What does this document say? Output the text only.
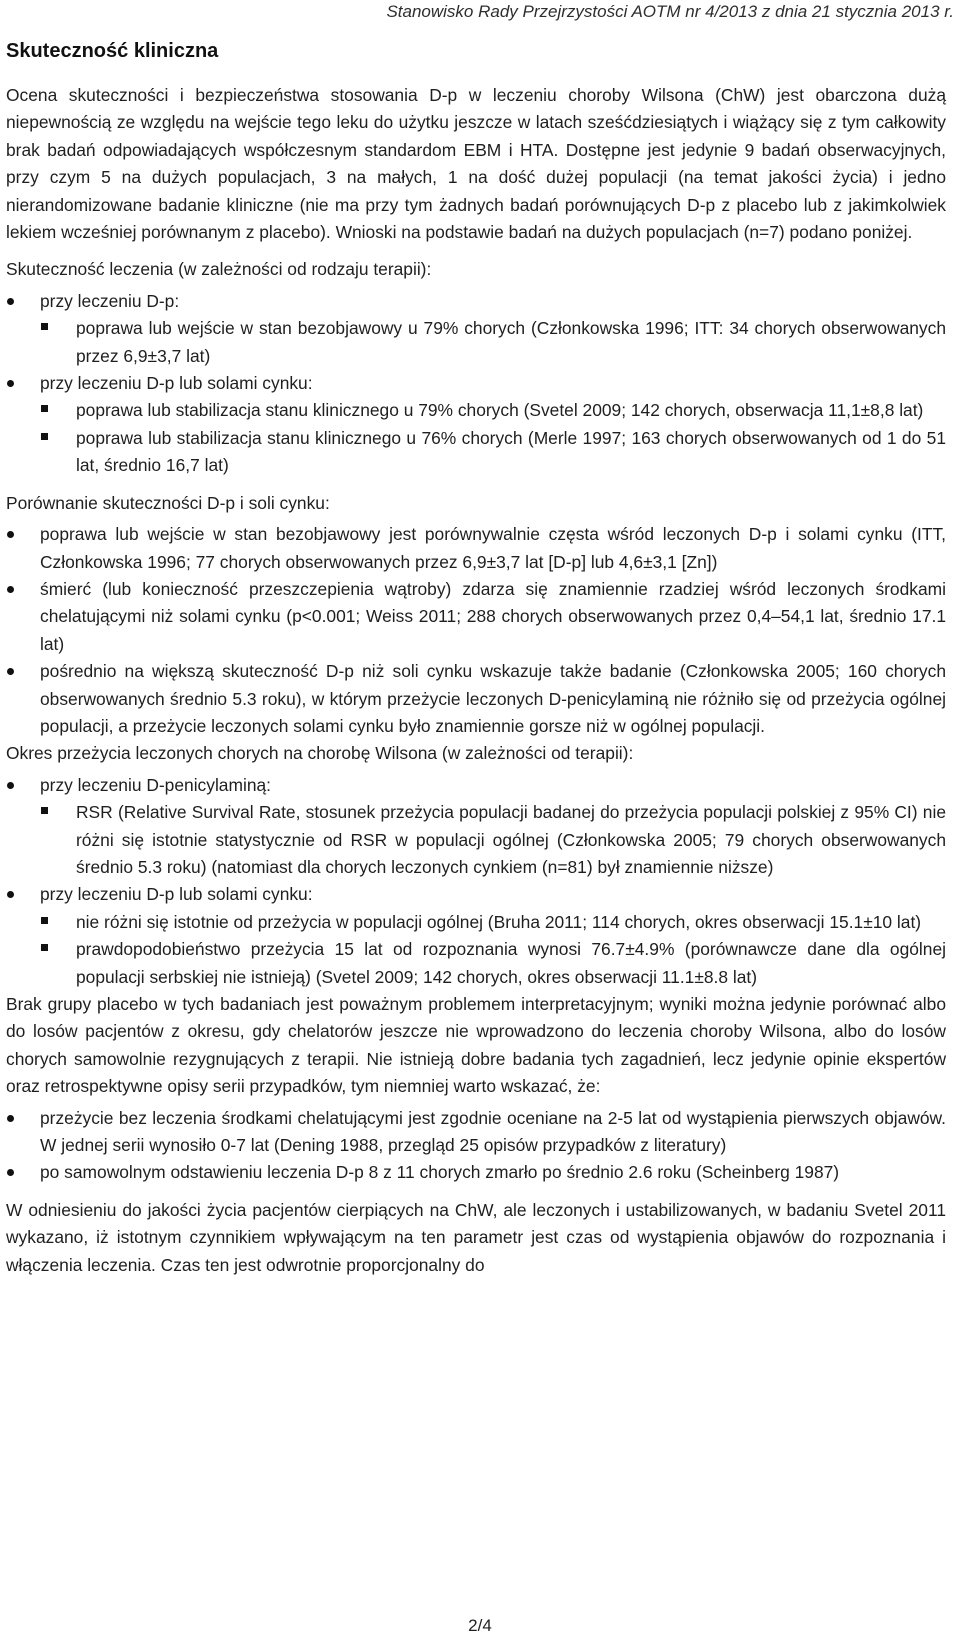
Stanowisko Rady Przejrzystości AOTM nr 4/2013 z dnia 21 stycznia 2013 r.
Skuteczność kliniczna

Ocena skuteczności i bezpieczeństwa stosowania D-p w leczeniu choroby Wilsona (ChW) jest obarczona dużą niepewnością ze względu na wejście tego leku do użytku jeszcze w latach sześćdziesiątych i wiążący się z tym całkowity brak badań odpowiadających współczesnym standardom EBM i HTA. Dostępne jest jedynie 9 badań obserwacyjnych, przy czym 5 na dużych populacjach, 3 na małych, 1 na dość dużej populacji (na temat jakości życia) i jedno nierandomizowane badanie kliniczne (nie ma przy tym żadnych badań porównujących D-p z placebo lub z jakimkolwiek lekiem wcześniej porównanym z placebo). Wnioski na podstawie badań na dużych populacjach (n=7) podano poniżej.

Skuteczność leczenia (w zależności od rodzaju terapii):

przy leczeniu D-p:
poprawa lub wejście w stan bezobjawowy u 79% chorych (Członkowska 1996; ITT: 34 chorych obserwowanych przez 6,9±3,7 lat)
przy leczeniu D-p lub solami cynku:
poprawa lub stabilizacja stanu klinicznego u 79% chorych (Svetel 2009; 142 chorych, obserwacja 11,1±8,8 lat)
poprawa lub stabilizacja stanu klinicznego u 76% chorych (Merle 1997; 163 chorych obserwowanych od 1 do 51 lat, średnio 16,7 lat)

Porównanie skuteczności D-p i soli cynku:

poprawa lub wejście w stan bezobjawowy jest porównywalnie częsta wśród leczonych D-p i solami cynku (ITT, Członkowska 1996; 77 chorych obserwowanych przez 6,9±3,7 lat [D-p] lub 4,6±3,1 [Zn])
śmierć (lub konieczność przeszczepienia wątroby) zdarza się znamiennie rzadziej wśród leczonych środkami chelatującymi niż solami cynku (p<0.001; Weiss 2011; 288 chorych obserwowanych przez 0,4–54,1 lat, średnio 17.1 lat)
pośrednio na większą skuteczność D-p niż soli cynku wskazuje także badanie (Członkowska 2005; 160 chorych obserwowanych średnio 5.3 roku), w którym przeżycie leczonych D-penicylaminą nie różniło się od przeżycia ogólnej populacji, a przeżycie leczonych solami cynku było znamiennie gorsze niż w ogólnej populacji.

Okres przeżycia leczonych chorych na chorobę Wilsona (w zależności od terapii):

przy leczeniu D-penicylaminą:
RSR (Relative Survival Rate, stosunek przeżycia populacji badanej do przeżycia populacji polskiej z 95% CI) nie różni się istotnie statystycznie od RSR w populacji ogólnej (Członkowska 2005; 79 chorych obserwowanych średnio 5.3 roku) (natomiast dla chorych leczonych cynkiem (n=81) był znamiennie niższe)
przy leczeniu D-p lub solami cynku:
nie różni się istotnie od przeżycia w populacji ogólnej (Bruha 2011; 114 chorych, okres obserwacji 15.1±10 lat)
prawdopodobieństwo przeżycia 15 lat od rozpoznania wynosi 76.7±4.9% (porównawcze dane dla ogólnej populacji serbskiej nie istnieją) (Svetel 2009; 142 chorych, okres obserwacji 11.1±8.8 lat)

Brak grupy placebo w tych badaniach jest poważnym problemem interpretacyjnym; wyniki można jedynie porównać albo do losów pacjentów z okresu, gdy chelatorów jeszcze nie wprowadzono do leczenia choroby Wilsona, albo do losów chorych samowolnie rezygnujących z terapii. Nie istnieją dobre badania tych zagadnień, lecz jedynie opinie ekspertów oraz retrospektywne opisy serii przypadków, tym niemniej warto wskazać, że:

przeżycie bez leczenia środkami chelatującymi jest zgodnie oceniane na 2-5 lat od wystąpienia pierwszych objawów. W jednej serii wynosiło 0-7 lat (Dening 1988, przegląd 25 opisów przypadków z literatury)
po samowolnym odstawieniu leczenia D-p 8 z 11 chorych zmarło po średnio 2.6 roku (Scheinberg 1987)

W odniesieniu do jakości życia pacjentów cierpiących na ChW, ale leczonych i ustabilizowanych, w badaniu Svetel 2011 wykazano, iż istotnym czynnikiem wpływającym na ten parametr jest czas od wystąpienia objawów do rozpoznania i włączenia leczenia. Czas ten jest odwrotnie proporcjonalny do

2/4
